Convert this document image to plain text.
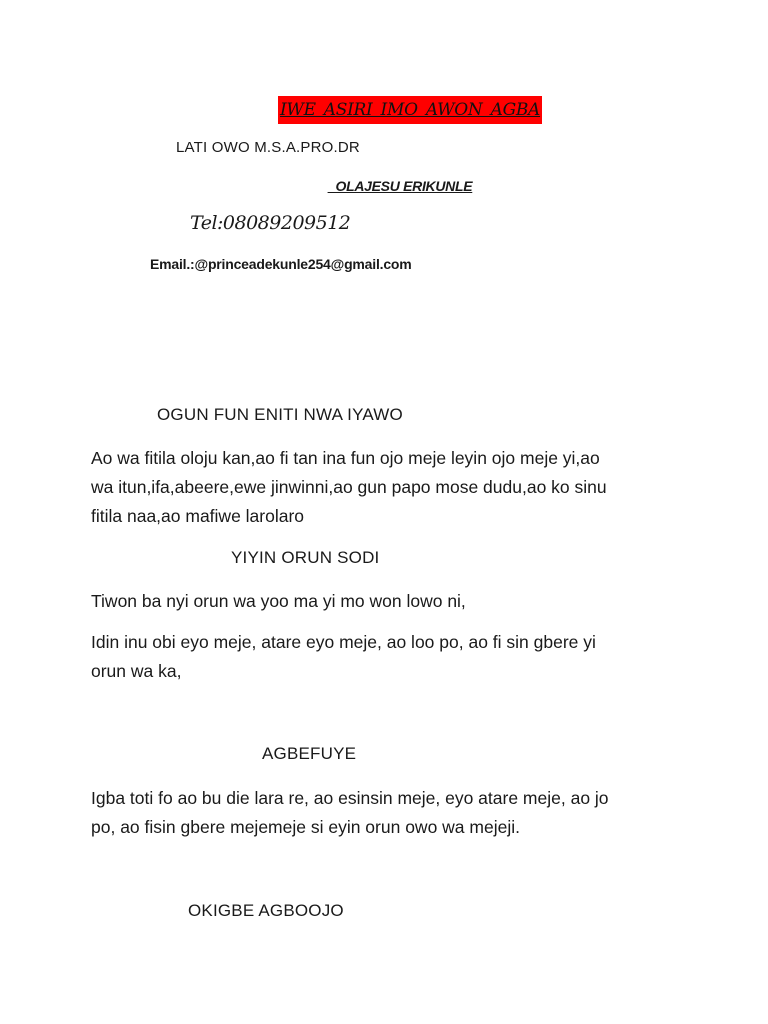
IWE ASIRI IMO AWON AGBA
LATI OWO M.S.A.PRO.DR
_OLAJESU ERIKUNLE
Tel:08089209512
Email.:@princeadekunle254@gmail.com
OGUN FUN ENITI NWA IYAWO
Ao wa fitila oloju kan,ao fi tan ina fun ojo meje leyin ojo meje yi,ao
wa itun,ifa,abeere,ewe jinwinni,ao gun papo mose dudu,ao ko sinu
fitila naa,ao mafiwe larolaro
YIYIN ORUN SODI
Tiwon ba nyi orun wa yoo ma yi mo won lowo ni,
Idin inu obi eyo meje, atare eyo meje, ao loo po, ao fi sin gbere yi
orun wa ka,
AGBEFUYE
Igba toti fo ao bu die lara re, ao esinsin meje, eyo atare meje, ao jo
po, ao fisin gbere mejemeje si eyin orun owo wa mejeji.
OKIGBE AGBOOJO
